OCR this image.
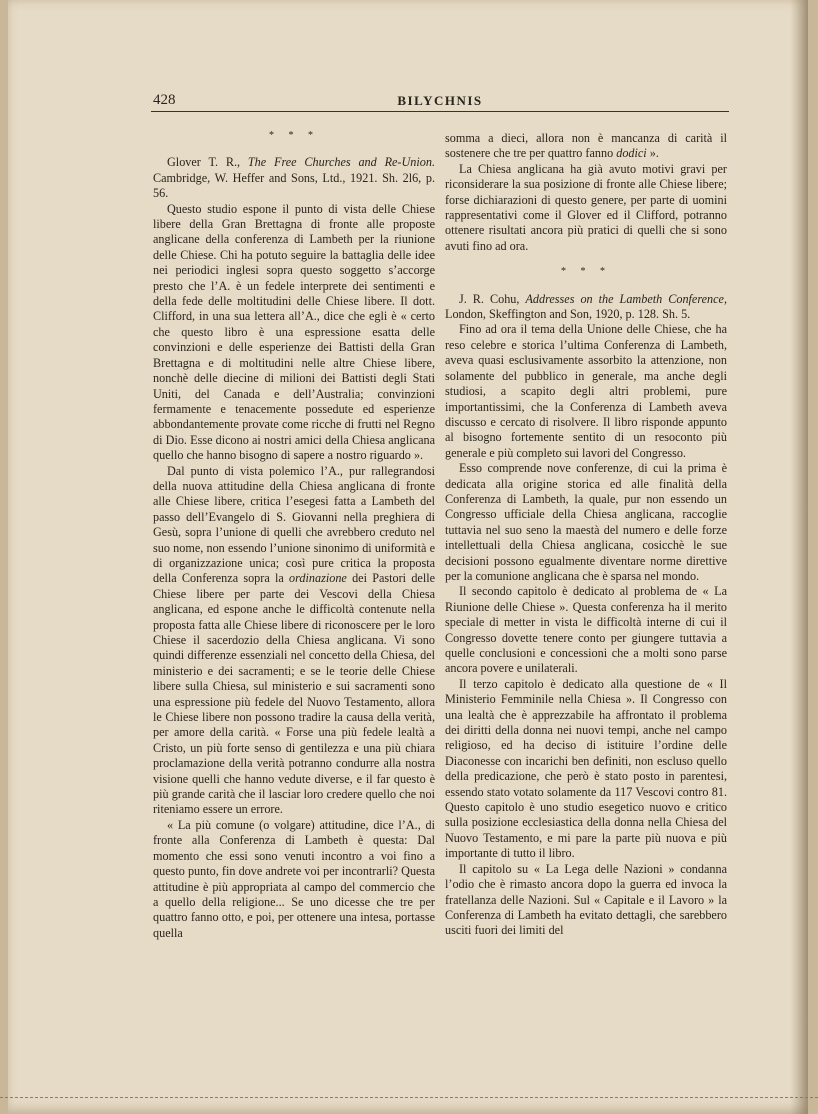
428	BILYCHNIS
* * *

Glover T. R., The Free Churches and Re-Union. Cambridge, W. Heffer and Sons, Ltd., 1921. Sh. 2l6, p. 56.

Questo studio espone il punto di vista delle Chiese libere della Gran Brettagna di fronte alle proposte anglicane della conferenza di Lambeth per la riunione delle Chiese. Chi ha potuto seguire la battaglia delle idee nei periodici inglesi sopra questo soggetto s’accorge presto che l’A. è un fedele interprete dei sentimenti e della fede delle moltitudini delle Chiese libere. Il dott. Clifford, in una sua lettera all’A., dice che egli è « certo che questo libro è una espressione esatta delle convinzioni e delle esperienze dei Battisti della Gran Brettagna e di moltitudini nelle altre Chiese libere, nonchè delle diecine di milioni dei Battisti degli Stati Uniti, del Canada e dell’Australia; convinzioni fermamente e tenacemente possedute ed esperienze abbondantemente provate come ricche di frutti nel Regno di Dio. Esse dicono ai nostri amici della Chiesa anglicana quello che hanno bisogno di sapere a nostro riguardo ».

Dal punto di vista polemico l’A., pur rallegrandosi della nuova attitudine della Chiesa anglicana di fronte alle Chiese libere, critica l’esegesi fatta a Lambeth del passo dell’Evangelo di S. Giovanni nella preghiera di Gesù, sopra l’unione di quelli che avrebbero creduto nel suo nome, non essendo l’unione sinonimo di uniformità e di organizzazione unica; così pure critica la proposta della Conferenza sopra la ordinazione dei Pastori delle Chiese libere per parte dei Vescovi della Chiesa anglicana, ed espone anche le difficoltà contenute nella proposta fatta alle Chiese libere di riconoscere per le loro Chiese il sacerdozio della Chiesa anglicana. Vi sono quindi differenze essenziali nel concetto della Chiesa, del ministerio e dei sacramenti; e se le teorie delle Chiese libere sulla Chiesa, sul ministerio e sui sacramenti sono una espressione più fedele del Nuovo Testamento, allora le Chiese libere non possono tradire la causa della verità, per amore della carità. « Forse una più fedele lealtà a Cristo, un più forte senso di gentilezza e una più chiara proclamazione della verità potranno condurre alla nostra visione quelli che hanno vedute diverse, e il far questo è più grande carità che il lasciar loro credere quello che noi riteniamo essere un errore.

« La più comune (o volgare) attitudine, dice l’A., di fronte alla Conferenza di Lambeth è questa: Dal momento che essi sono venuti incontro a voi fino a questo punto, fin dove andrete voi per incontrarli? Questa attitudine è più appropriata al campo del commercio che a quello della religione... Se uno dicesse che tre per quattro fanno otto, e poi, per ottenere una intesa, portasse quella

somma a dieci, allora non è mancanza di carità il sostenere che tre per quattro fanno dodici ».

La Chiesa anglicana ha già avuto motivi gravi per riconsiderare la sua posizione di fronte alle Chiese libere; forse dichiarazioni di questo genere, per parte di uomini rappresentativi come il Glover ed il Clifford, potranno ottenere risultati ancora più pratici di quelli che si sono avuti fino ad ora.

* * *

J. R. Cohu, Addresses on the Lambeth Conference, London, Skeffington and Son, 1920, p. 128. Sh. 5.

Fino ad ora il tema della Unione delle Chiese, che ha reso celebre e storica l’ultima Conferenza di Lambeth, aveva quasi esclusivamente assorbito la attenzione, non solamente del pubblico in generale, ma anche degli studiosi, a scapito degli altri problemi, pure importantissimi, che la Conferenza di Lambeth aveva discusso e cercato di risolvere. Il libro risponde appunto al bisogno fortemente sentito di un resoconto più generale e più completo sui lavori del Congresso.

Esso comprende nove conferenze, di cui la prima è dedicata alla origine storica ed alle finalità della Conferenza di Lambeth, la quale, pur non essendo un Congresso ufficiale della Chiesa anglicana, raccoglie tuttavia nel suo seno la maestà del numero e delle forze intellettuali della Chiesa anglicana, cosicchè le sue decisioni possono egualmente diventare norme direttive per la comunione anglicana che è sparsa nel mondo.

Il secondo capitolo è dedicato al problema de « La Riunione delle Chiese ». Questa conferenza ha il merito speciale di metter in vista le difficoltà interne di cui il Congresso dovette tenere conto per giungere tuttavia a quelle conclusioni e concessioni che a molti sono parse ancora povere e unilaterali.

Il terzo capitolo è dedicato alla questione de « Il Ministerio Femminile nella Chiesa ». Il Congresso con una lealtà che è apprezzabile ha affrontato il problema dei diritti della donna nei nuovi tempi, anche nel campo religioso, ed ha deciso di istituire l’ordine delle Diaconesse con incarichi ben definiti, non escluso quello della predicazione, che però è stato posto in parentesi, essendo stato votato solamente da 117 Vescovi contro 81. Questo capitolo è uno studio esegetico nuovo e critico sulla posizione ecclesiastica della donna nella Chiesa del Nuovo Testamento, e mi pare la parte più nuova e più importante di tutto il libro.

Il capitolo su « La Lega delle Nazioni » condanna l’odio che è rimasto ancora dopo la guerra ed invoca la fratellanza delle Nazioni. Sul « Capitale e il Lavoro » la Conferenza di Lambeth ha evitato dettagli, che sarebbero usciti fuori dei limiti del
